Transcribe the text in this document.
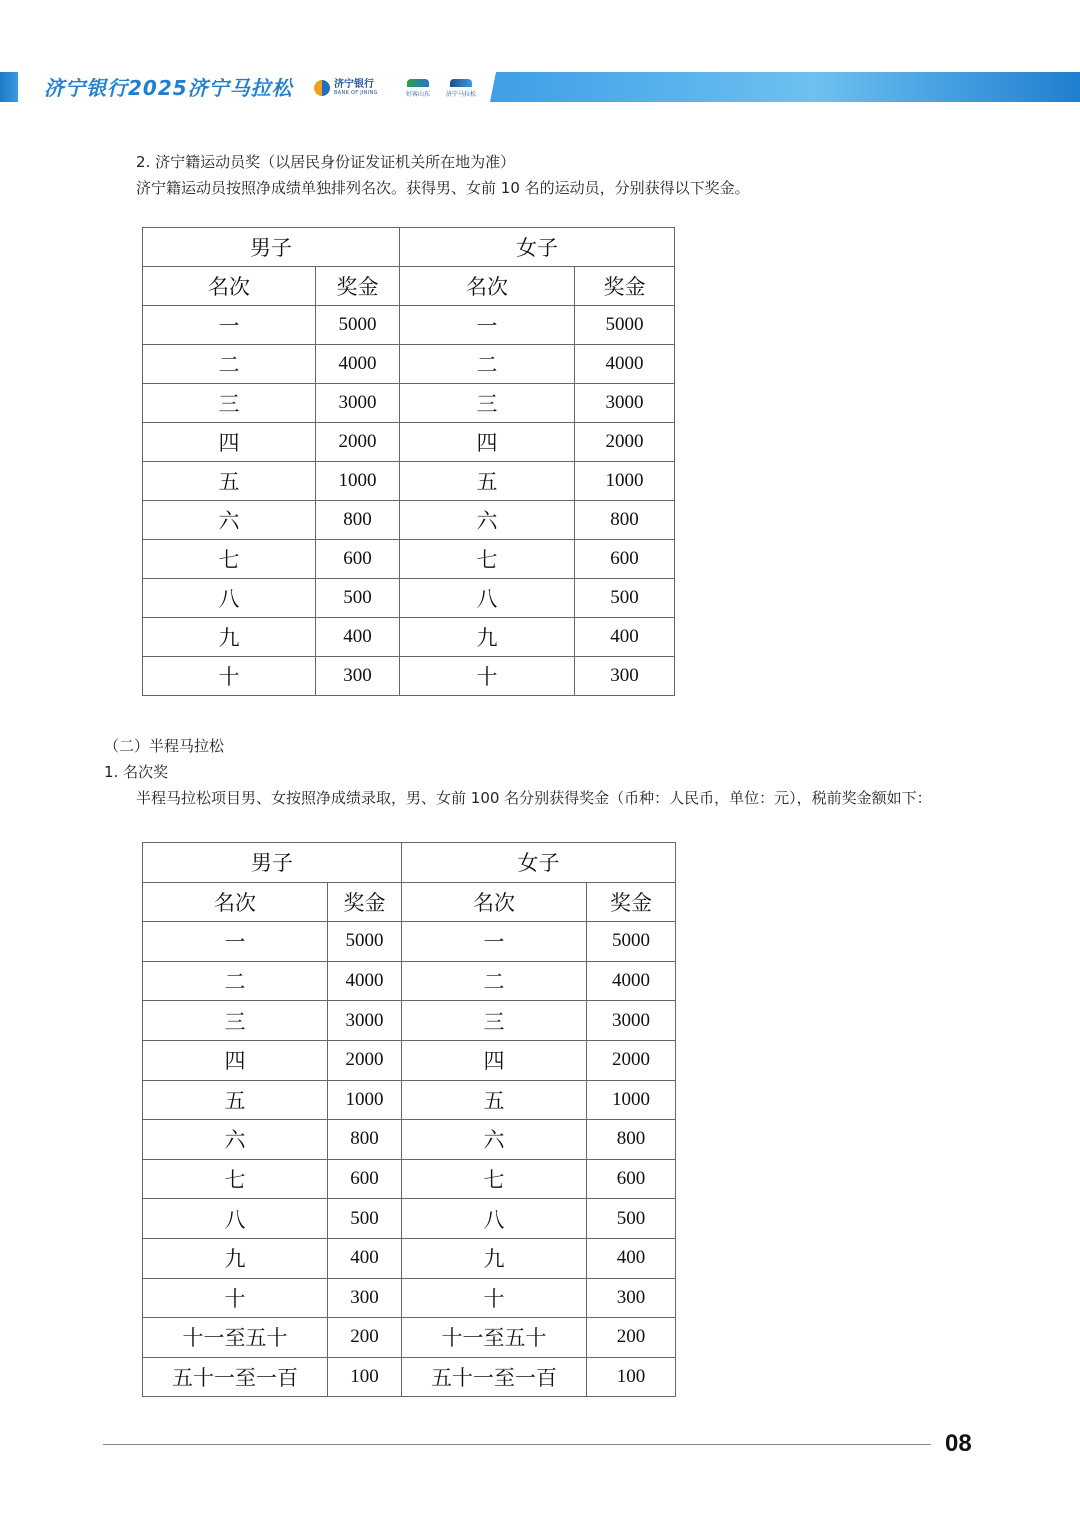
济宁银行2025济宁马拉松	济宁银行
BANK OF JINING	好客山东	济宁马拉松
2. 济宁籍运动员奖（以居民身份证发证机关所在地为准）
济宁籍运动员按照净成绩单独排列名次。获得男、女前 10 名的运动员，分别获得以下奖金。
男子		女子	
名次	奖金	名次	奖金
一	5000	一	5000
二	4000	二	4000
三	3000	三	3000
四	2000	四	2000
五	1000	五	1000
六	800	六	800
七	600	七	600
八	500	八	500
九	400	九	400
十	300	十	300
（二）半程马拉松
1. 名次奖
半程马拉松项目男、女按照净成绩录取，男、女前 100 名分别获得奖金（币种：人民币，单位：元），税前奖金额如下：
男子		女子	
名次	奖金	名次	奖金
一	5000	一	5000
二	4000	二	4000
三	3000	三	3000
四	2000	四	2000
五	1000	五	1000
六	800	六	800
七	600	七	600
八	500	八	500
九	400	九	400
十	300	十	300
十一至五十	200	十一至五十	200
五十一至一百	100	五十一至一百	100
08
